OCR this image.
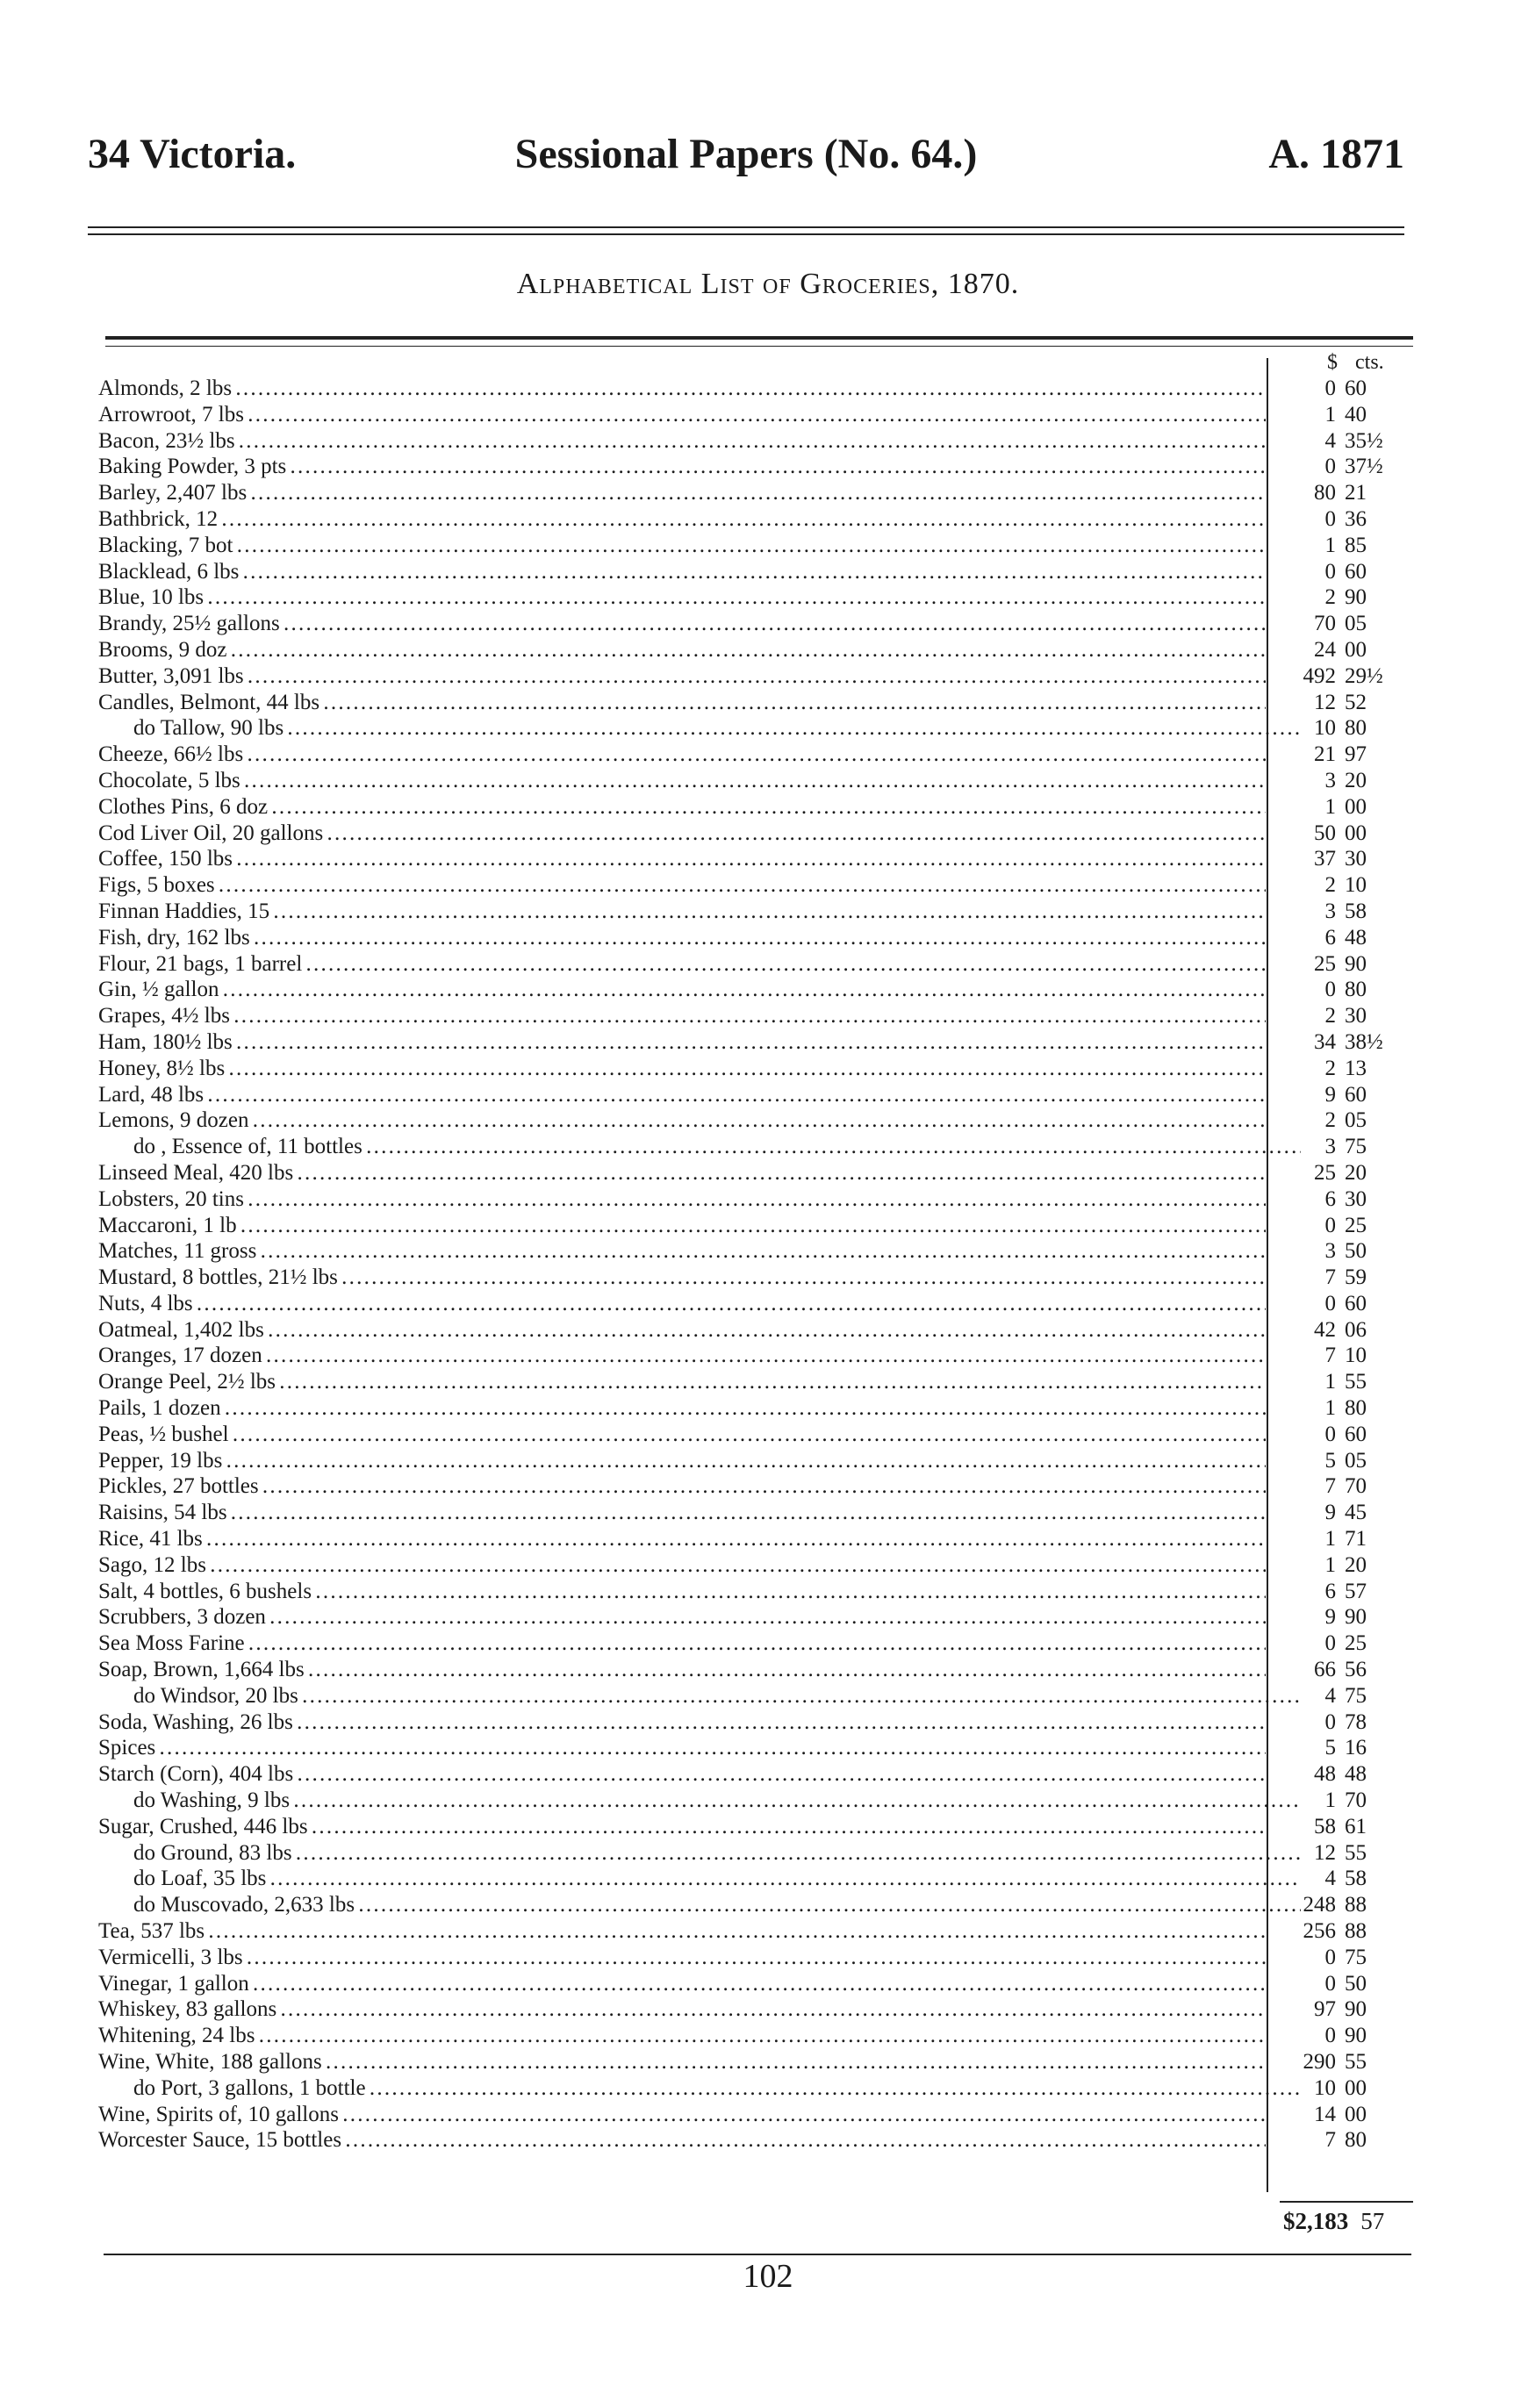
34 Victoria.	Sessional Papers (No. 64.)	A. 1871
Alphabetical List of Groceries, 1870.
$ cts.
Almonds, 2 lbs . . .	0 60
Arrowroot, 7 lbs . . .	1 40
Bacon, 23½ lbs . . .	4 35½
Baking Powder, 3 pts . . .	0 37½
Barley, 2,407 lbs . . .	80 21
Bathbrick, 12 . . .	0 36
Blacking, 7 bot . . .	1 85
Blacklead, 6 lbs . . .	0 60
Blue, 10 lbs . . .	2 90
Brandy, 25½ gallons . . .	70 05
Brooms, 9 doz . . .	24 00
Butter, 3,091 lbs . . .	492 29½
Candles, Belmont, 44 lbs . . .	12 52
do Tallow, 90 lbs . . .	10 80
Cheeze, 66½ lbs . . .	21 97
Chocolate, 5 lbs . . .	3 20
Clothes Pins, 6 doz . . .	1 00
Cod Liver Oil, 20 gallons . . .	50 00
Coffee, 150 lbs . . .	37 30
Figs, 5 boxes . . .	2 10
Finnan Haddies, 15 . . .	3 58
Fish, dry, 162 lbs . . .	6 48
Flour, 21 bags, 1 barrel . . .	25 90
Gin, ½ gallon . . .	0 80
Grapes, 4½ lbs . . .	2 30
Ham, 180½ lbs . . .	34 38½
Honey, 8½ lbs . . .	2 13
Lard, 48 lbs . . .	9 60
Lemons, 9 dozen . . .	2 05
do , Essence of, 11 bottles . . .	3 75
Linseed Meal, 420 lbs . . .	25 20
Lobsters, 20 tins . . .	6 30
Maccaroni, 1 lb . . .	0 25
Matches, 11 gross . . .	3 50
Mustard, 8 bottles, 21½ lbs . . .	7 59
Nuts, 4 lbs . . .	0 60
Oatmeal, 1,402 lbs . . .	42 06
Oranges, 17 dozen . . .	7 10
Orange Peel, 2½ lbs . . .	1 55
Pails, 1 dozen . . .	1 80
Peas, ½ bushel . . .	0 60
Pepper, 19 lbs . . .	5 05
Pickles, 27 bottles . . .	7 70
Raisins, 54 lbs . . .	9 45
Rice, 41 lbs . . .	1 71
Sago, 12 lbs . . .	1 20
Salt, 4 bottles, 6 bushels . . .	6 57
Scrubbers, 3 dozen . . .	9 90
Sea Moss Farine . . .	0 25
Soap, Brown, 1,664 lbs . . .	66 56
do Windsor, 20 lbs . . .	4 75
Soda, Washing, 26 lbs . . .	0 78
Spices . . .	5 16
Starch (Corn), 404 lbs . . .	48 48
do Washing, 9 lbs . . .	1 70
Sugar, Crushed, 446 lbs . . .	58 61
do Ground, 83 lbs . . .	12 55
do Loaf, 35 lbs . . .	4 58
do Muscovado, 2,633 lbs . . .	248 88
Tea, 537 lbs . . .	256 88
Vermicelli, 3 lbs . . .	0 75
Vinegar, 1 gallon . . .	0 50
Whiskey, 83 gallons . . .	97 90
Whitening, 24 lbs . . .	0 90
Wine, White, 188 gallons . . .	290 55
do Port, 3 gallons, 1 bottle . . .	10 00
Wine, Spirits of, 10 gallons . . .	14 00
Worcester Sauce, 15 bottles . . .	7 80
$2,183 57
102
